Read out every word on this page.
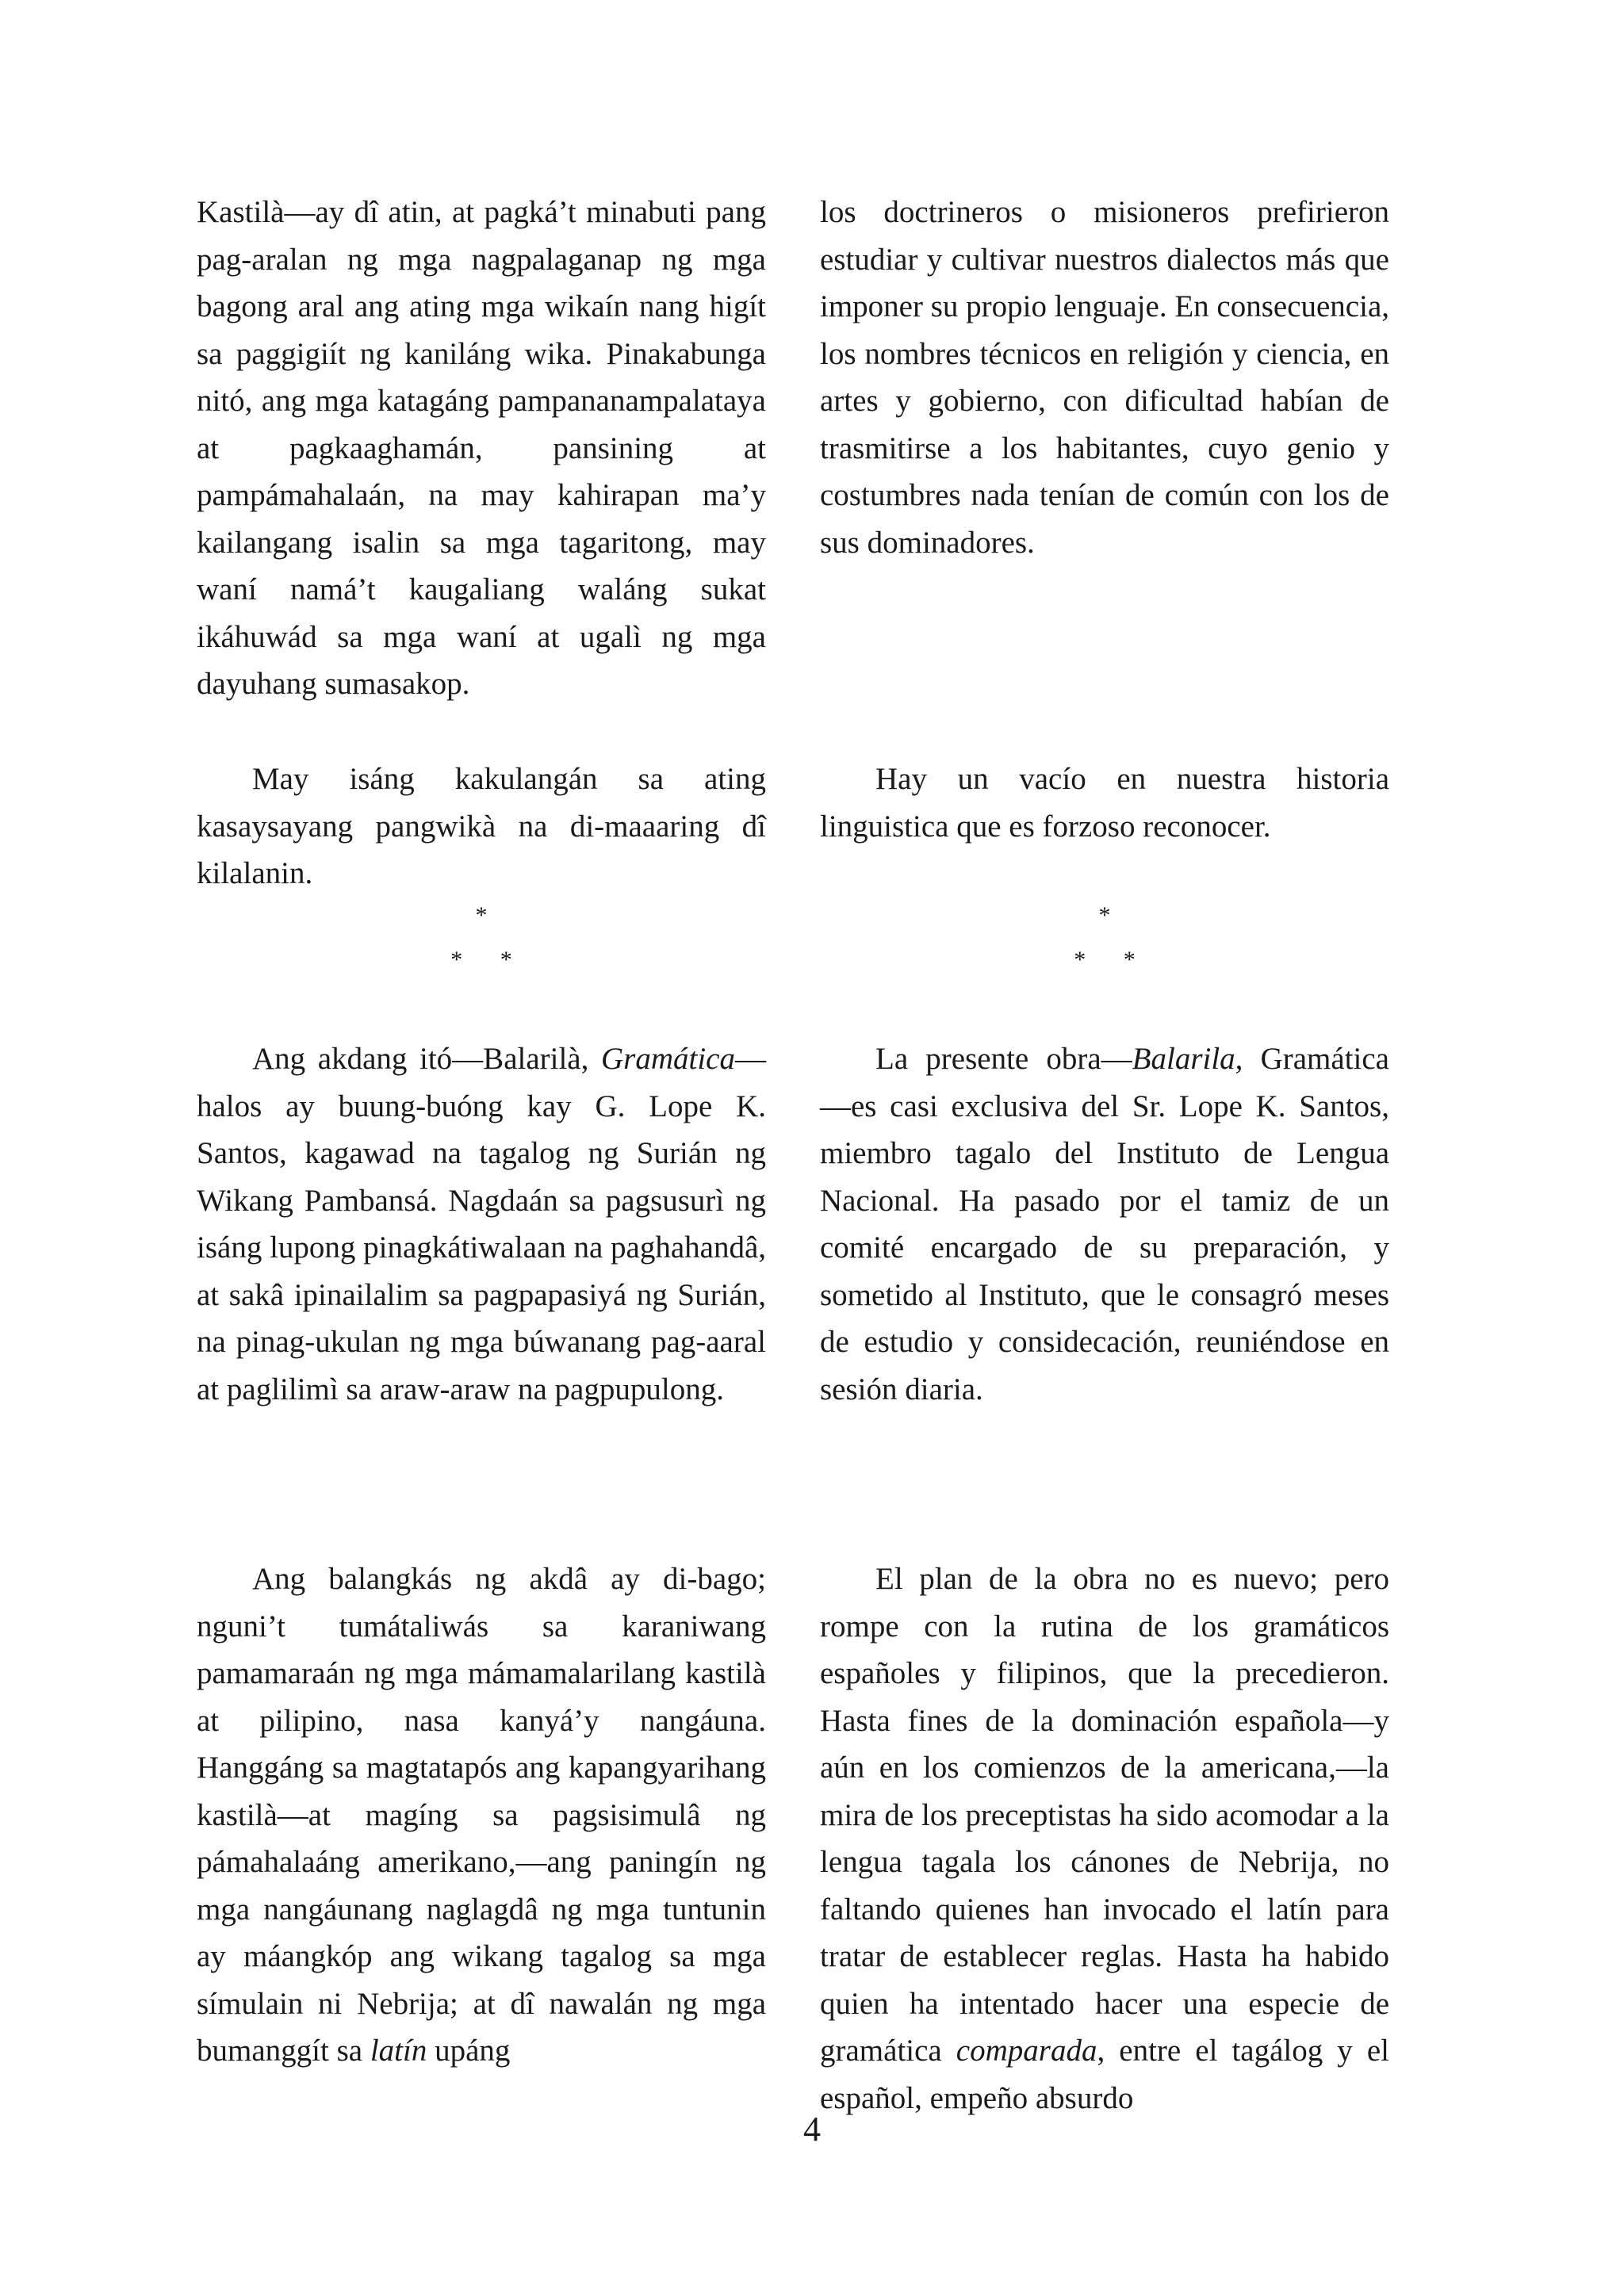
Kastilà—ay dî atin, at pagká’t minabuti pang pag-aralan ng mga nagpalaganap ng mga bagong aral ang ating mga wikaín nang higít sa paggigiít ng kaniláng wika. Pinakabunga nitó, ang mga katagáng pampananampalataya at pagkaaghamán, pansining at pampámahalaán, na may kahirapan ma’y kailangang isalin sa mga tagaritong, may waní namá’t kaugaliang waláng sukat ikáhuwád sa mga waní at ugalì ng mga dayuhang sumasakop.

May isáng kakulangán sa ating kasaysayang pangwikà na di-maaaring dî kilalanin.

*
* *

Ang akdang itó—Balarilà, Gramática—halos ay buung-buóng kay G. Lope K. Santos, kagawad na tagalog ng Surián ng Wikang Pambansá. Nagdaán sa pagsusurì ng isáng lupong pinagkátiwalaan na paghahandâ, at sakâ ipinailalim sa pagpapasiyá ng Surián, na pinag-ukulan ng mga búwanang pag-aaral at paglilimì sa araw-araw na pagpupulong.

Ang balangkás ng akdâ ay di-bago; nguni’t tumátaliwás sa karaniwang pamamaraán ng mga mámamalarilang kastilà at pilipino, nasa kanyá’y nangáuna. Hanggáng sa magtatapós ang kapangyarihang kastilà—at magíng sa pagsisimulâ ng pámahalaáng amerikano,—ang paningín ng mga nangáunang naglagdâ ng mga tuntunin ay máangkóp ang wikang tagalog sa mga símulain ni Nebrija; at dî nawalán ng mga bumanggít sa latín upáng

los doctrineros o misioneros prefirieron estudiar y cultivar nuestros dialectos más que imponer su propio lenguaje. En consecuencia, los nombres técnicos en religión y ciencia, en artes y gobierno, con dificultad habían de trasmitirse a los habitantes, cuyo genio y costumbres nada tenían de común con los de sus dominadores.

Hay un vacío en nuestra historia linguistica que es forzoso reconocer.

*
* *

La presente obra—Balarila, Gramática—es casi exclusiva del Sr. Lope K. Santos, miembro tagalo del Instituto de Lengua Nacional. Ha pasado por el tamiz de un comité encargado de su preparación, y sometido al Instituto, que le consagró meses de estudio y considecación, reuniéndose en sesión diaria.

El plan de la obra no es nuevo; pero rompe con la rutina de los gramáticos españoles y filipinos, que la precedieron. Hasta fines de la dominación española—y aún en los comienzos de la americana,—la mira de los preceptistas ha sido acomodar a la lengua tagala los cánones de Nebrija, no faltando quienes han invocado el latín para tratar de establecer reglas. Hasta ha habido quien ha intentado hacer una especie de gramática comparada, entre el tagálog y el español, empeño absurdo

4
